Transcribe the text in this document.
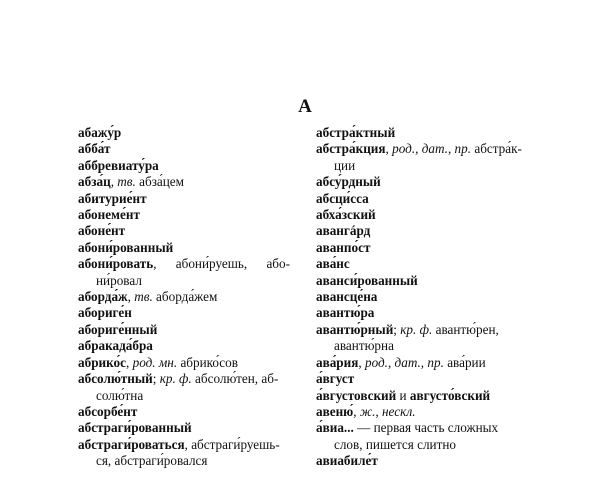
А
абажу́р
абба́т
аббревиату́ра
абза́ц, тв. абза́цем
абитурие́нт
абонеме́нт
абоне́нт
абони́рованный
абони́ровать, абони́руешь, або-
ни́ровал
аборда́ж, тв. аборда́жем
абориге́н
абориге́нный
абракада́бра
абрико́с, род. мн. абрико́сов
абсолю́тный; кр. ф. абсолю́тен, аб-
солю́тна
абсорбе́нт
абстраги́рованный
абстраги́роваться, абстраги́руешь-
ся, абстраги́ровался
абстра́ктный
абстра́кция, род., дат., пр. абстра́к-
ции
абсу́рдный
абсци́сса
абха́зский
авангáрд
аванпо́ст
ава́нс
аванси́рованный
авансце́на
авантю́ра
авантю́рный; кр. ф. авантю́рен,
авантю́рна
ава́рия, род., дат., пр. ава́рии
а́вгуст
а́вгустовский и августо́вский
авеню́, ж., нескл.
а́виа... — первая часть сложных
слов, пишется слитно
авиабиле́т
